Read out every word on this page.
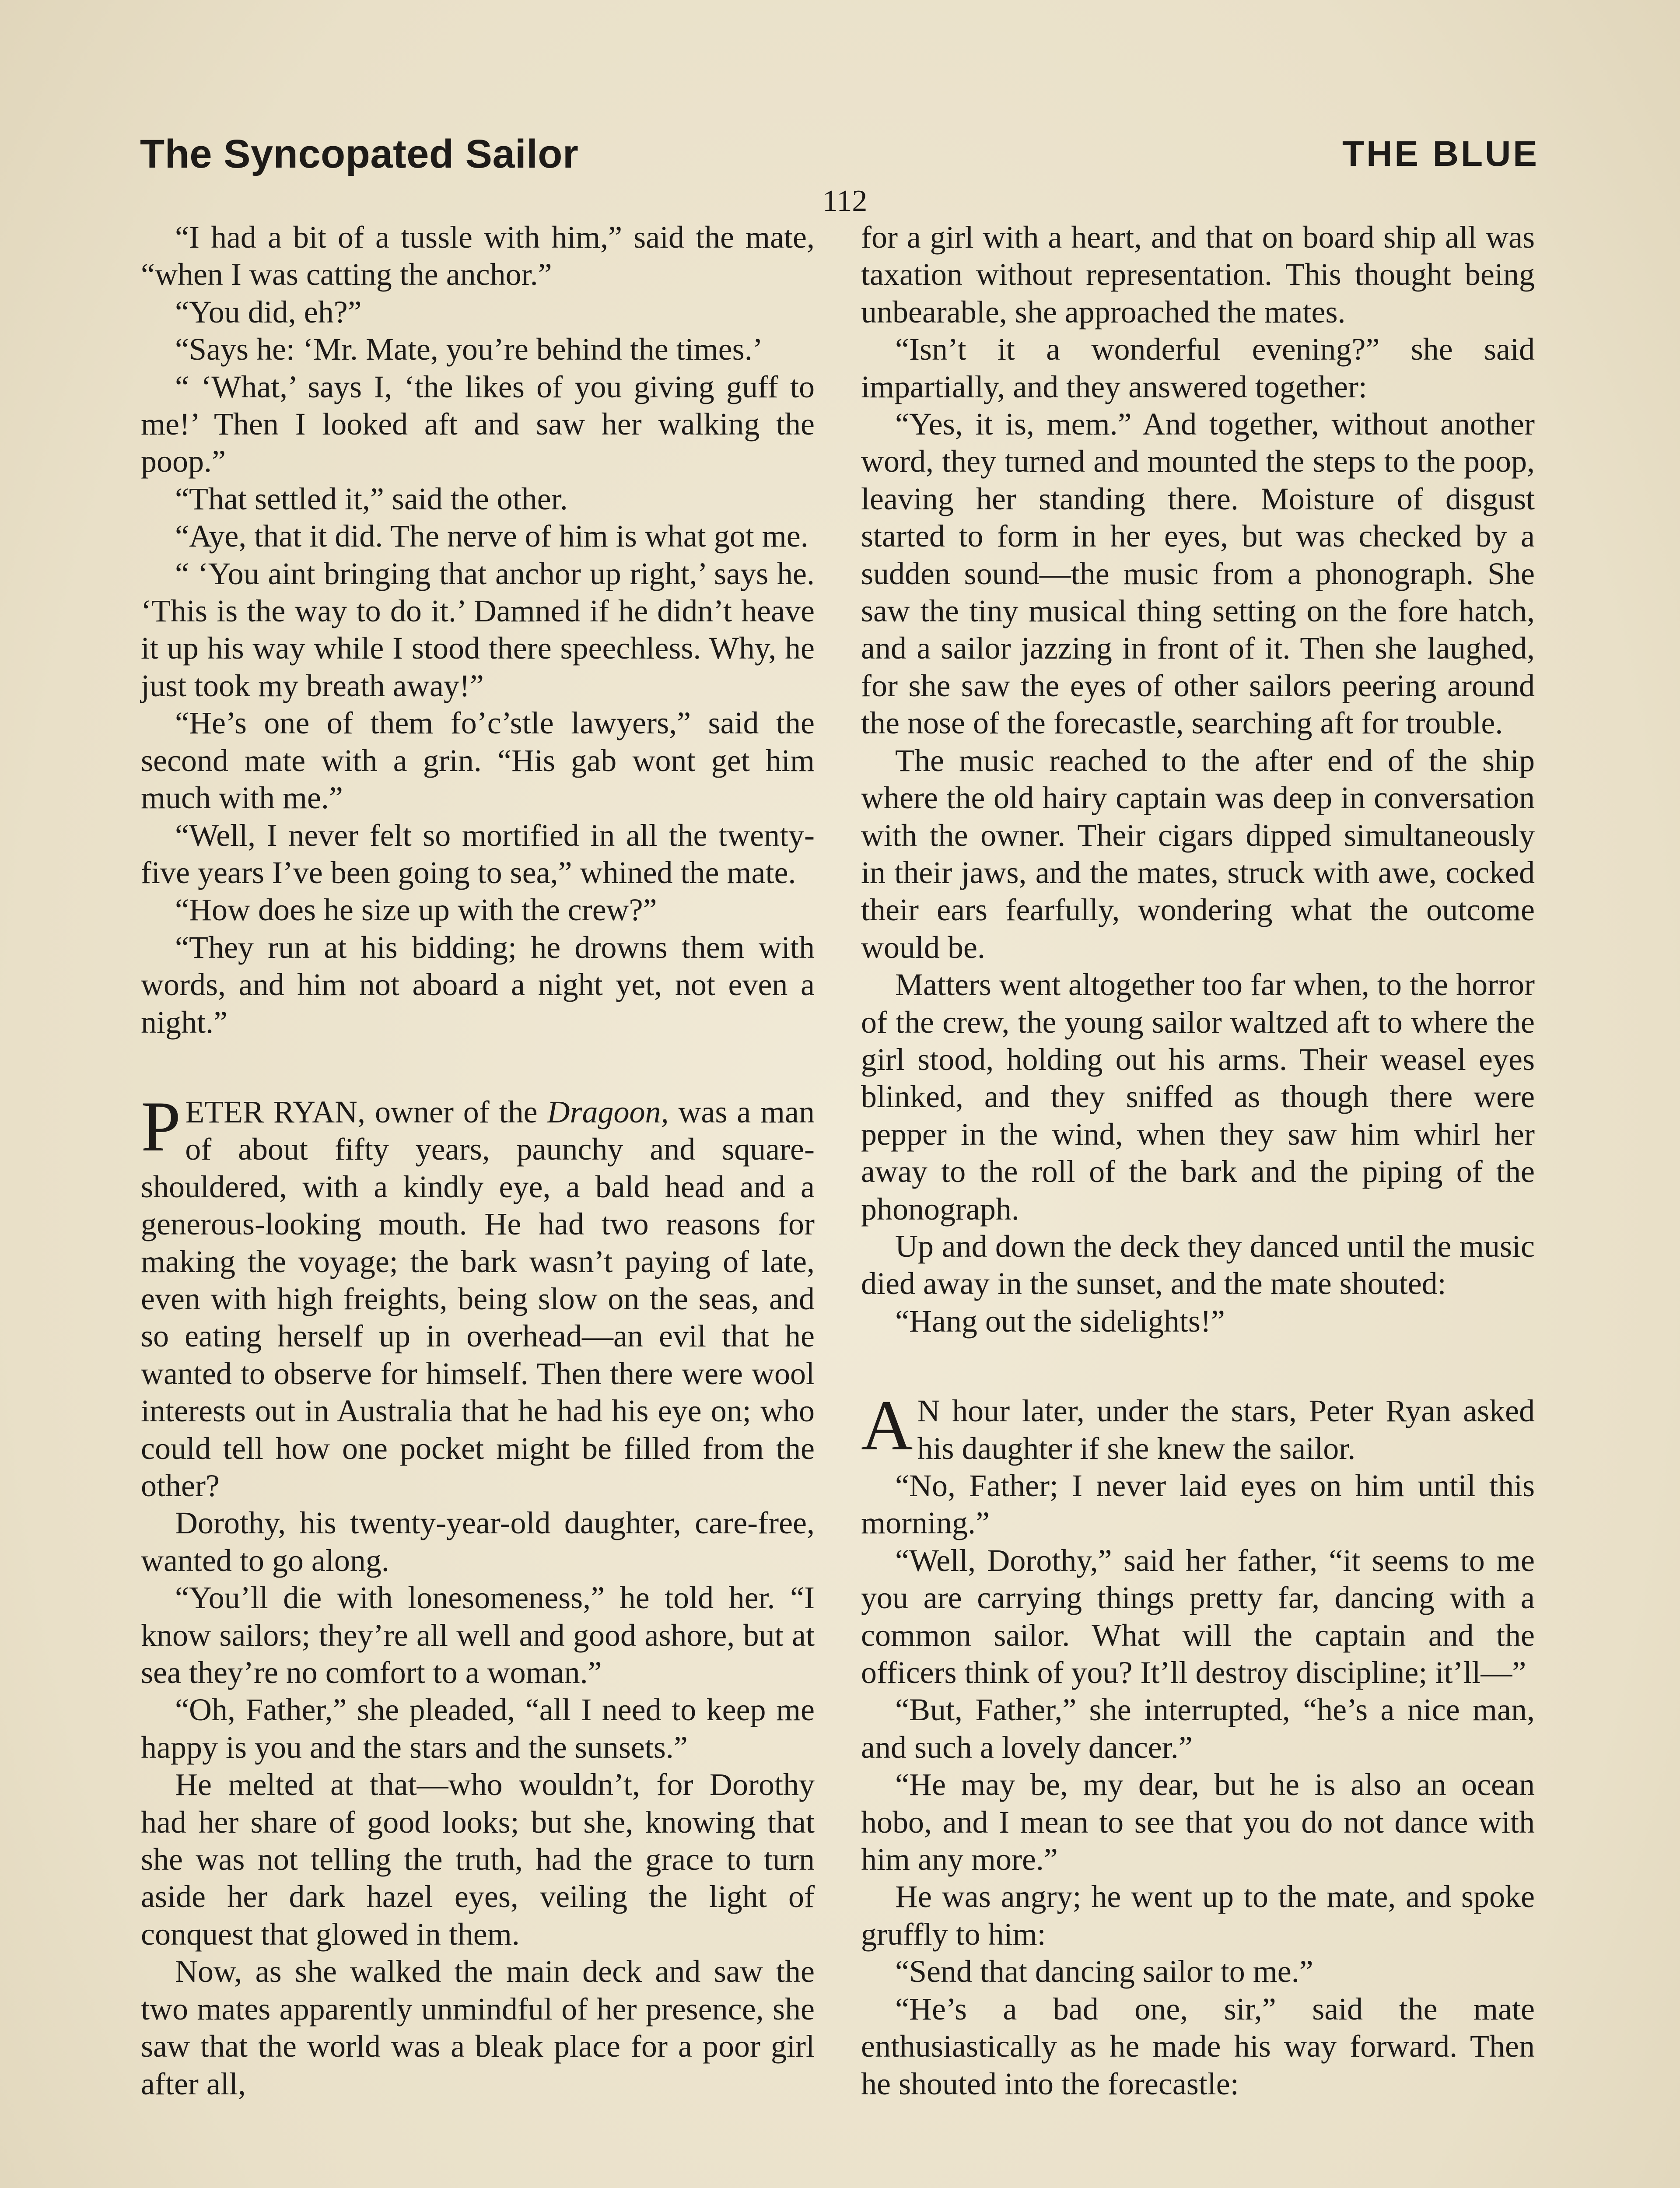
The Syncopated Sailor	THE BLUE
112

“I had a bit of a tussle with him,” said the mate, “when I was catting the anchor.”

“You did, eh?”

“Says he: ‘Mr. Mate, you’re behind the times.’

“ ‘What,’ says I, ‘the likes of you giving guff to me!’ Then I looked aft and saw her walking the poop.”

“That settled it,” said the other.

“Aye, that it did. The nerve of him is what got me.

“ ‘You aint bringing that anchor up right,’ says he. ‘This is the way to do it.’ Damned if he didn’t heave it up his way while I stood there speechless. Why, he just took my breath away!”

“He’s one of them fo’c’stle lawyers,” said the second mate with a grin. “His gab wont get him much with me.”

“Well, I never felt so mortified in all the twenty-five years I’ve been going to sea,” whined the mate.

“How does he size up with the crew?”

“They run at his bidding; he drowns them with words, and him not aboard a night yet, not even a night.”

PETER RYAN, owner of the Dragoon, was a man of about fifty years, paunchy and square-shouldered, with a kindly eye, a bald head and a generous-looking mouth. He had two reasons for making the voyage; the bark wasn’t paying of late, even with high freights, being slow on the seas, and so eating herself up in overhead—an evil that he wanted to observe for himself. Then there were wool interests out in Australia that he had his eye on; who could tell how one pocket might be filled from the other?

Dorothy, his twenty-year-old daughter, care-free, wanted to go along.

“You’ll die with lonesomeness,” he told her. “I know sailors; they’re all well and good ashore, but at sea they’re no comfort to a woman.”

“Oh, Father,” she pleaded, “all I need to keep me happy is you and the stars and the sunsets.”

He melted at that—who wouldn’t, for Dorothy had her share of good looks; but she, knowing that she was not telling the truth, had the grace to turn aside her dark hazel eyes, veiling the light of conquest that glowed in them.

Now, as she walked the main deck and saw the two mates apparently unmindful of her presence, she saw that the world was a bleak place for a poor girl after all,

for a girl with a heart, and that on board ship all was taxation without representation. This thought being unbearable, she approached the mates.

“Isn’t it a wonderful evening?” she said impartially, and they answered together:

“Yes, it is, mem.” And together, without another word, they turned and mounted the steps to the poop, leaving her standing there. Moisture of disgust started to form in her eyes, but was checked by a sudden sound—the music from a phonograph. She saw the tiny musical thing setting on the fore hatch, and a sailor jazzing in front of it. Then she laughed, for she saw the eyes of other sailors peering around the nose of the forecastle, searching aft for trouble.

The music reached to the after end of the ship where the old hairy captain was deep in conversation with the owner. Their cigars dipped simultaneously in their jaws, and the mates, struck with awe, cocked their ears fearfully, wondering what the outcome would be.

Matters went altogether too far when, to the horror of the crew, the young sailor waltzed aft to where the girl stood, holding out his arms. Their weasel eyes blinked, and they sniffed as though there were pepper in the wind, when they saw him whirl her away to the roll of the bark and the piping of the phonograph.

Up and down the deck they danced until the music died away in the sunset, and the mate shouted:

“Hang out the sidelights!”

A N hour later, under the stars, Peter Ryan asked his daughter if she knew the sailor.

“No, Father; I never laid eyes on him until this morning.”

“Well, Dorothy,” said her father, “it seems to me you are carrying things pretty far, dancing with a common sailor. What will the captain and the officers think of you? It’ll destroy discipline; it’ll—”

“But, Father,” she interrupted, “he’s a nice man, and such a lovely dancer.”

“He may be, my dear, but he is also an ocean hobo, and I mean to see that you do not dance with him any more.”

He was angry; he went up to the mate, and spoke gruffly to him:

“Send that dancing sailor to me.”

“He’s a bad one, sir,” said the mate enthusiastically as he made his way forward. Then he shouted into the forecastle:
